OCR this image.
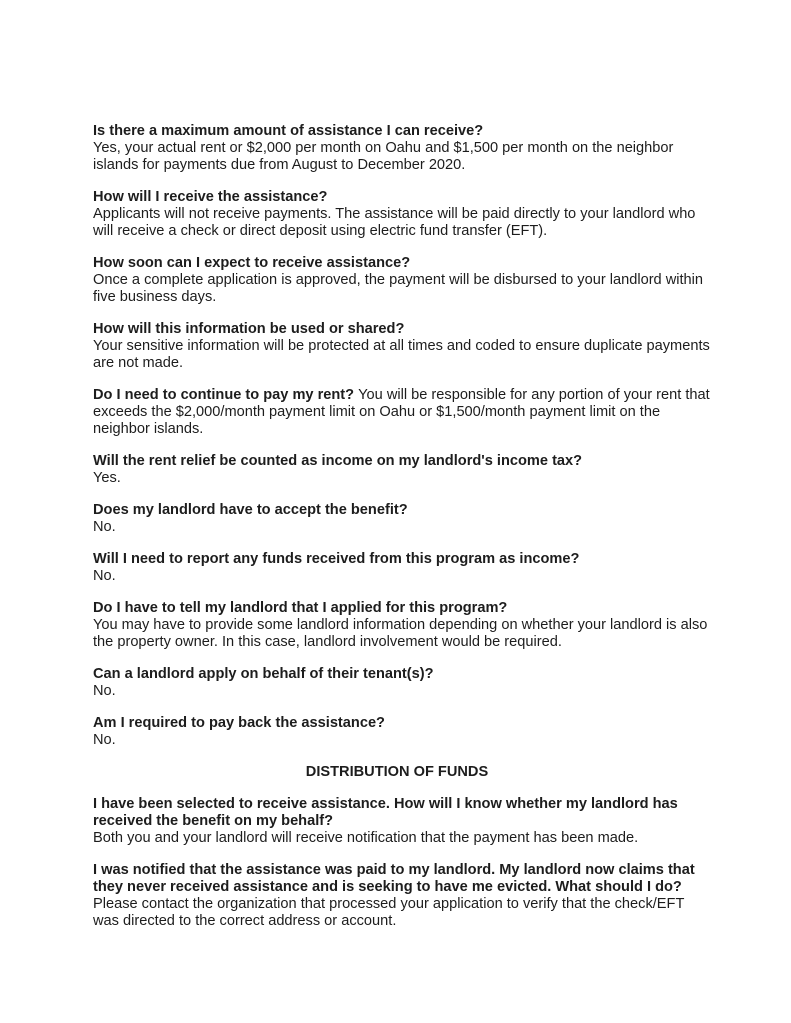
Is there a maximum amount of assistance I can receive?
Yes, your actual rent or $2,000 per month on Oahu and $1,500 per month on the neighbor
islands for payments due from August to December 2020.
How will I receive the assistance?
Applicants will not receive payments. The assistance will be paid directly to your landlord who
will receive a check or direct deposit using electric fund transfer (EFT).
How soon can I expect to receive assistance?
Once a complete application is approved, the payment will be disbursed to your landlord within
five business days.
How will this information be used or shared?
Your sensitive information will be protected at all times and coded to ensure duplicate payments
are not made.
Do I need to continue to pay my rent? You will be responsible for any portion of your rent that
exceeds the $2,000/month payment limit on Oahu or $1,500/month payment limit on the
neighbor islands.
Will the rent relief be counted as income on my landlord's income tax?
Yes.
Does my landlord have to accept the benefit?
No.
Will I need to report any funds received from this program as income?
No.
Do I have to tell my landlord that I applied for this program?
You may have to provide some landlord information depending on whether your landlord is also
the property owner. In this case, landlord involvement would be required.
Can a landlord apply on behalf of their tenant(s)?
No.
Am I required to pay back the assistance?
No.
DISTRIBUTION OF FUNDS
I have been selected to receive assistance. How will I know whether my landlord has
received the benefit on my behalf?
Both you and your landlord will receive notification that the payment has been made.
I was notified that the assistance was paid to my landlord. My landlord now claims that
they never received assistance and is seeking to have me evicted. What should I do?
Please contact the organization that processed your application to verify that the check/EFT
was directed to the correct address or account.
